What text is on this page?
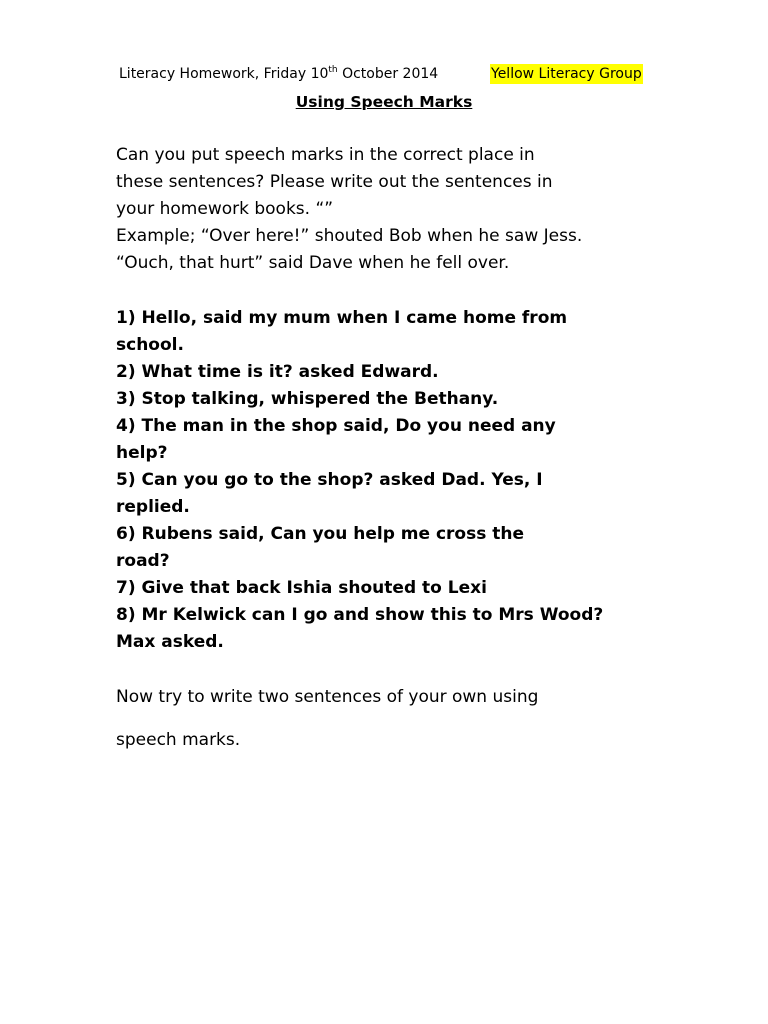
Literacy Homework, Friday 10th October 2014	Yellow Literacy Group
Using Speech Marks
Can you put speech marks in the correct place in
these sentences? Please write out the sentences in
your homework books. “”
Example; “Over here!” shouted Bob when he saw Jess.
“Ouch, that hurt” said Dave when he fell over.
1) Hello, said my mum when I came home from
school.
2) What time is it? asked Edward.
3) Stop talking, whispered the Bethany.
4) The man in the shop said, Do you need any
help?
5) Can you go to the shop? asked Dad. Yes, I
replied.
6) Rubens said, Can you help me cross the
road?
7) Give that back Ishia shouted to Lexi
8) Mr Kelwick can I go and show this to Mrs Wood?
Max asked.
Now try to write two sentences of your own using
speech marks.
